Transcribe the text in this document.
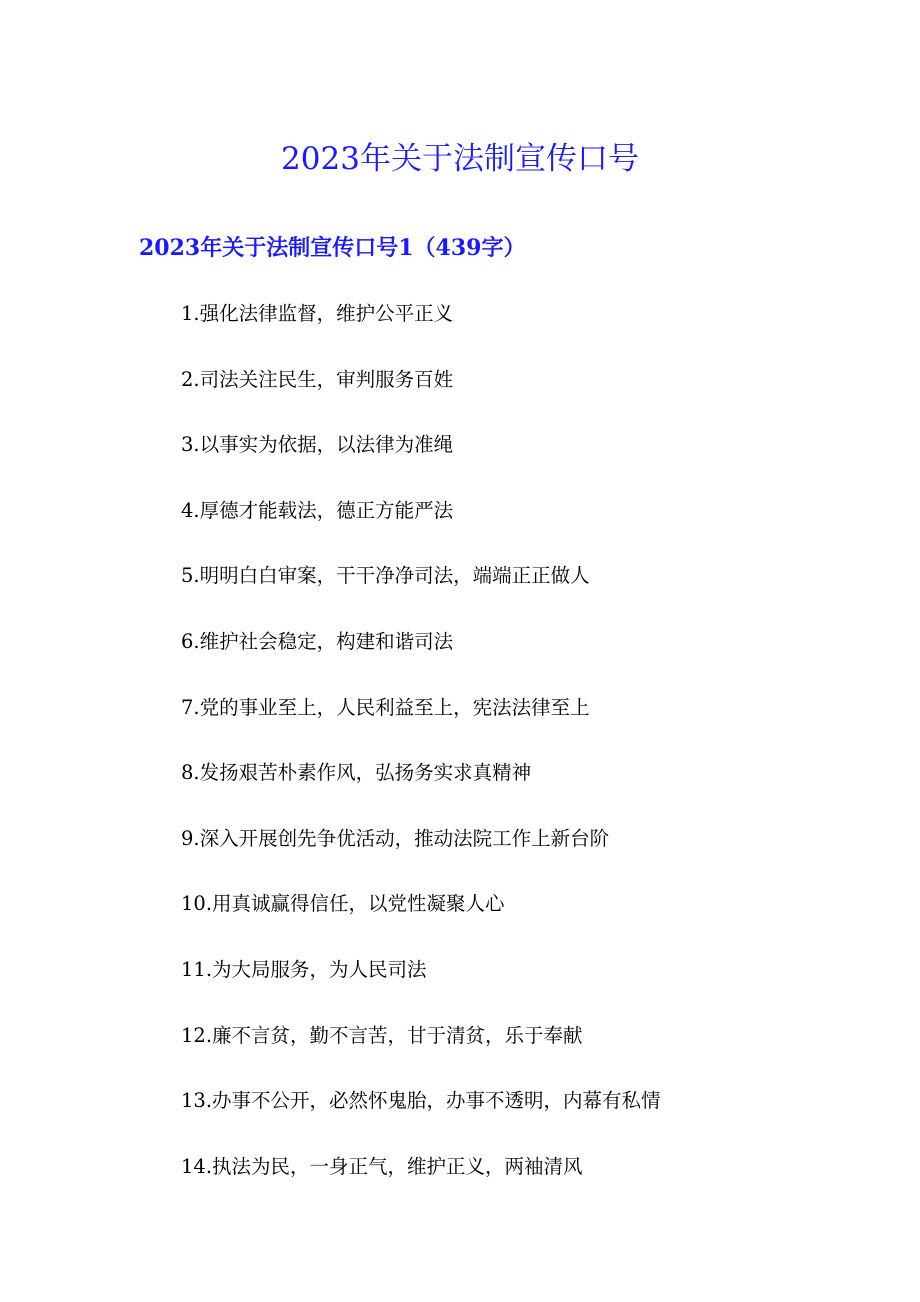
2023年关于法制宣传口号
2023年关于法制宣传口号1（439字）
1.强化法律监督，维护公平正义
2.司法关注民生，审判服务百姓
3.以事实为依据，以法律为准绳
4.厚德才能载法，德正方能严法
5.明明白白审案，干干净净司法，端端正正做人
6.维护社会稳定，构建和谐司法
7.党的事业至上，人民利益至上，宪法法律至上
8.发扬艰苦朴素作风，弘扬务实求真精神
9.深入开展创先争优活动，推动法院工作上新台阶
10.用真诚赢得信任，以党性凝聚人心
11.为大局服务，为人民司法
12.廉不言贫，勤不言苦，甘于清贫，乐于奉献
13.办事不公开，必然怀鬼胎，办事不透明，内幕有私情
14.执法为民，一身正气，维护正义，两袖清风
